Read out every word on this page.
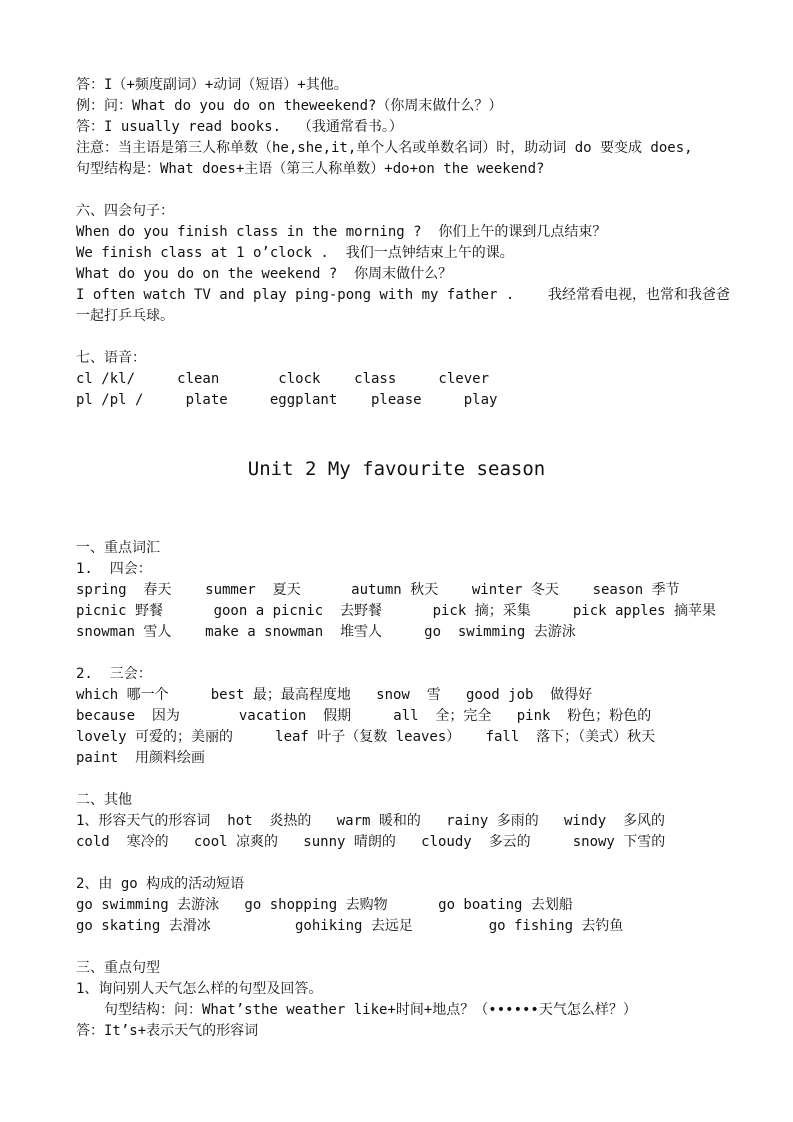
答：I（+频度副词）+动词（短语）+其他。
例：问：What do you do on theweekend?（你周末做什么？）
答：I usually read books.  （我通常看书。）
注意：当主语是第三人称单数（he,she,it,单个人名或单数名词）时，助动词 do 要变成 does,
句型结构是：What does+主语（第三人称单数）+do+on the weekend?
六、四会句子：
When do you finish class in the morning ?  你们上午的课到几点结束？
We finish class at 1 o’clock .  我们一点钟结束上午的课。
What do you do on the weekend ?  你周末做什么？
I often watch TV and play ping-pong with my father .    我经常看电视，也常和我爸爸
一起打乒乓球。
七、语音：
cl /kl/     clean       clock    class     clever
pl /pl /     plate     eggplant    please     play
Unit 2 My favourite season
一、重点词汇
1.  四会：
spring  春天    summer  夏天      autumn 秋天    winter 冬天    season 季节
picnic 野餐      goon a picnic  去野餐      pick 摘；采集     pick apples 摘苹果
snowman 雪人    make a snowman  堆雪人     go  swimming 去游泳
2.  三会：
which 哪一个     best 最；最高程度地   snow  雪   good job  做得好
because  因为       vacation  假期     all  全；完全   pink  粉色；粉色的
lovely 可爱的；美丽的     leaf 叶子（复数 leaves）   fall  落下；（美式）秋天
paint  用颜料绘画
二、其他
1、形容天气的形容词  hot  炎热的   warm 暖和的   rainy 多雨的   windy  多风的
cold  寒冷的   cool 凉爽的   sunny 晴朗的   cloudy  多云的     snowy 下雪的
2、由 go 构成的活动短语
go swimming 去游泳   go shopping 去购物      go boating 去划船
go skating 去滑冰          gohiking 去远足         go fishing 去钓鱼
三、重点句型
1、询问别人天气怎么样的句型及回答。
句型结构：问：What’sthe weather like+时间+地点？（••••••天气怎么样？）
答：It’s+表示天气的形容词
